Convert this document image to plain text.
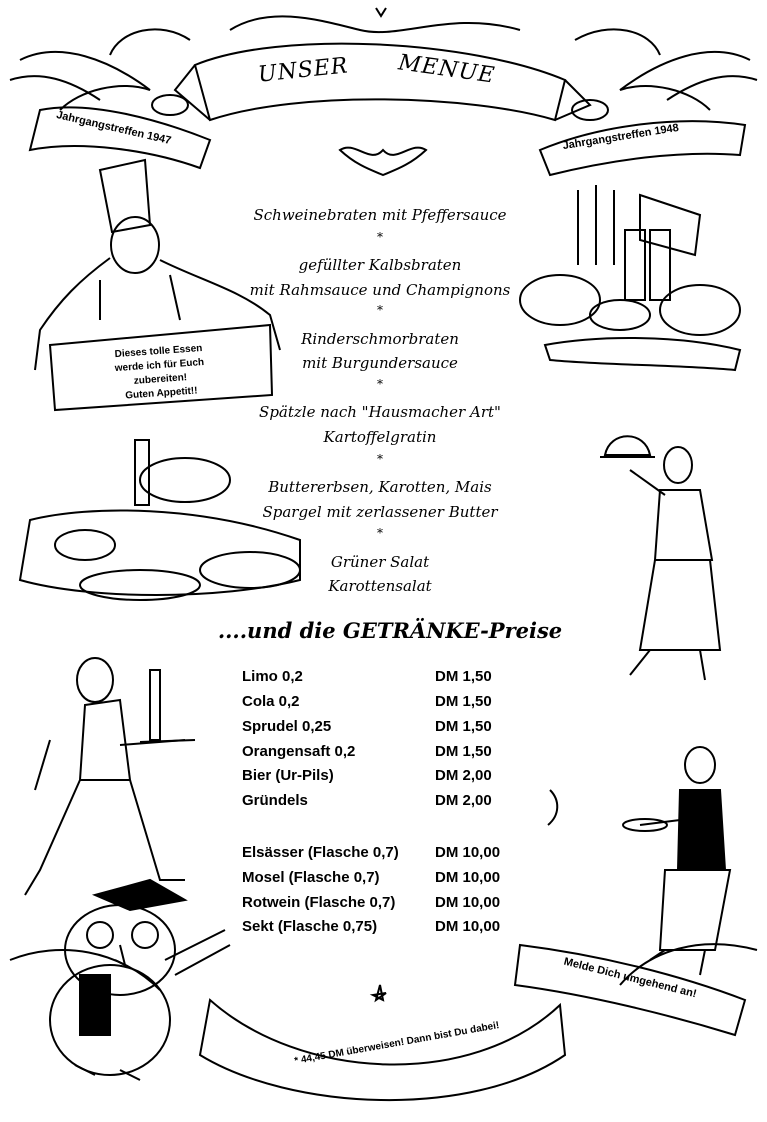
UNSER MENUE
Jahrgangstreffen 1947	Jahrgangstreffen 1948
Schweinebraten mit Pfeffersauce
*
gefüllter Kalbsbraten
mit Rahmsauce und Champignons
*
Rinderschmorbraten
mit Burgundersauce
*
Spätzle nach "Hausmacher Art"
Kartoffelgratin
*
Buttererbsen, Karotten, Mais
Spargel mit zerlassener Butter
*
Grüner Salat
Karottensalat
Dieses tolle Essen
werde ich für Euch
zubereiten!
Guten Appetit!!
....und die GETRÄNKE-Preise
Limo 0,2	DM 1,50
Cola 0,2	DM 1,50
Sprudel 0,25	DM 1,50
Orangensaft 0,2	DM 1,50
Bier (Ur-Pils)	DM 2,00
Gründels	DM 2,00
Elsässer (Flasche 0,7) DM 10,00
Mosel (Flasche 0,7)	DM 10,00
Rotwein (Flasche 0,7)	DM 10,00
Sekt (Flasche 0,75)	DM 10,00
Melde Dich umgehend an!
* 44,45 DM überweisen! Dann bist Du dabei!
